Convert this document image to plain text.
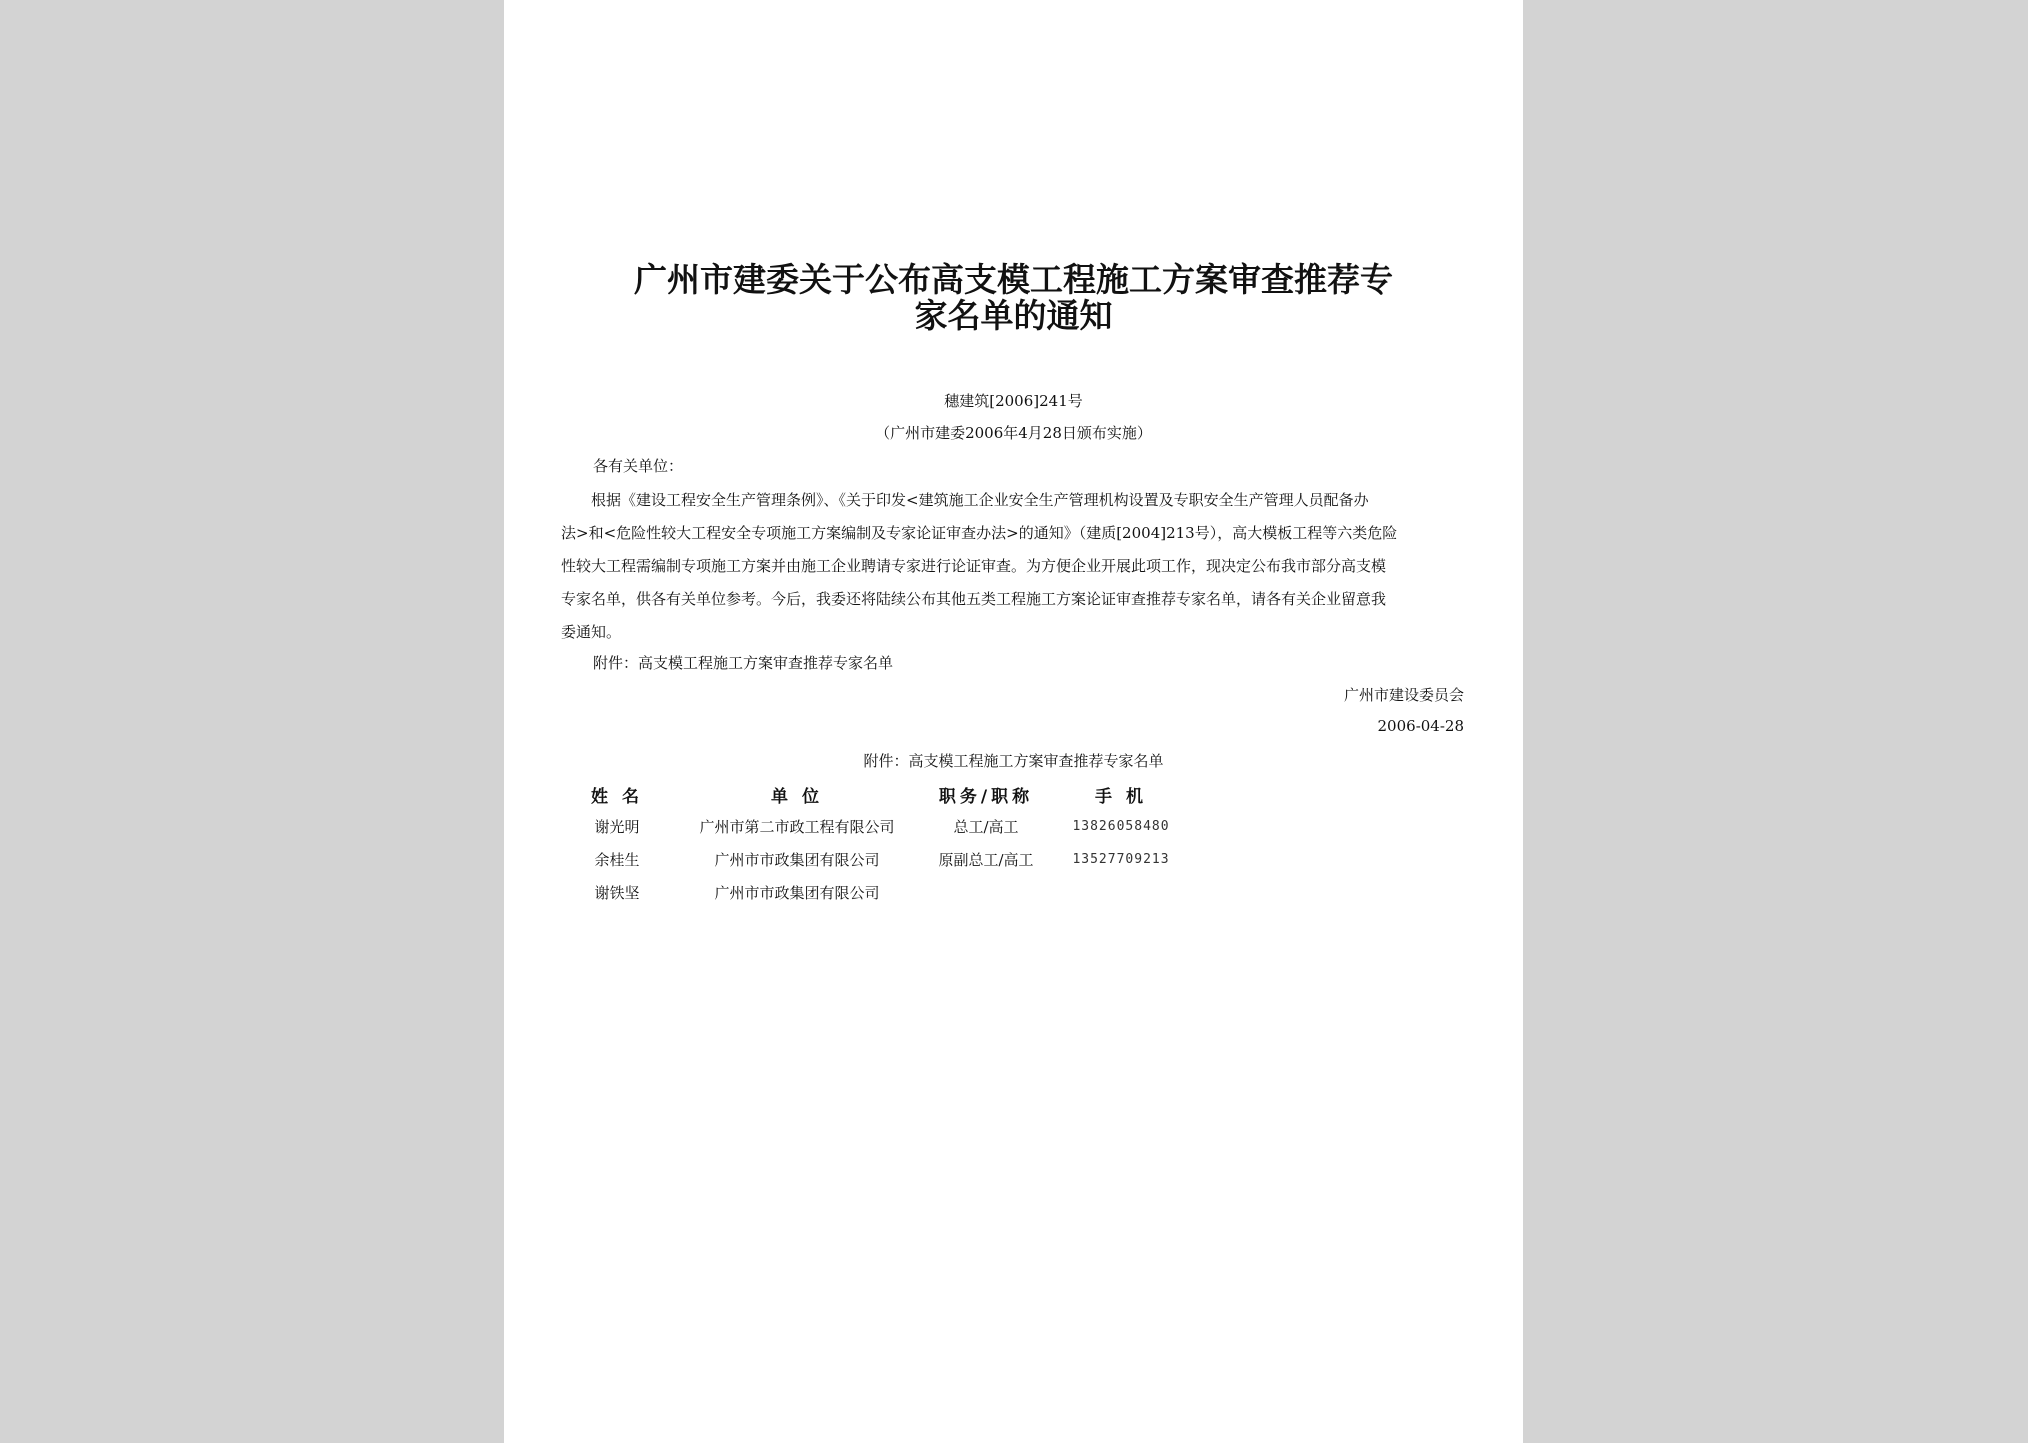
广州市建委关于公布高支模工程施工方案审查推荐专
家名单的通知
穗建筑[2006]241号
（广州市建委2006年4月28日颁布实施）
各有关单位：
　　根据《建设工程安全生产管理条例》、《关于印发<建筑施工企业安全生产管理机构设置及专职安全生产管理人员配备办
法>和<危险性较大工程安全专项施工方案编制及专家论证审查办法>的通知》（建质[2004]213号），高大模板工程等六类危险
性较大工程需编制专项施工方案并由施工企业聘请专家进行论证审查。为方便企业开展此项工作，现决定公布我市部分高支模
专家名单，供各有关单位参考。今后，我委还将陆续公布其他五类工程施工方案论证审查推荐专家名单，请各有关企业留意我
委通知。
附件：高支模工程施工方案审查推荐专家名单
广州市建设委员会
2006-04-28
附件：高支模工程施工方案审查推荐专家名单
姓 名	单 位	职务/职称	手 机
谢光明	广州市第二市政工程有限公司	总工/高工	13826058480
余桂生	广州市市政集团有限公司	原副总工/高工	13527709213
谢铁坚	广州市市政集团有限公司		
